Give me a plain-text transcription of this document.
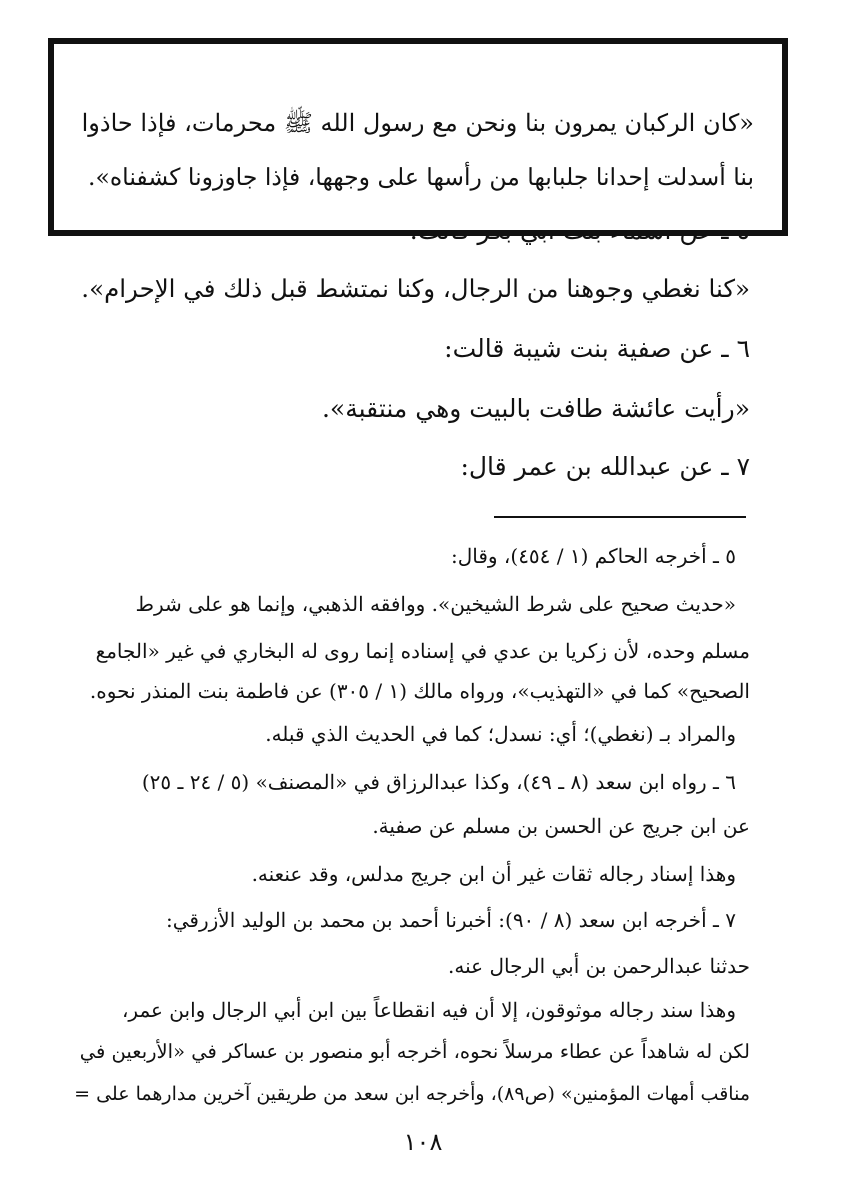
«كان الركبان يمرون بنا ونحن مع رسول الله ﷺ محرمات، فإذا حاذوا
بنا أسدلت إحدانا جلبابها من رأسها على وجهها، فإذا جاوزونا كشفناه».
«كنا نغطي وجوهنا من الرجال، وكنا نمتشط قبل ذلك في الإحرام».
٦ ـ عن صفية بنت شيبة قالت:
«رأيت عائشة طافت بالبيت وهي منتقبة».
٧ ـ عن عبدالله بن عمر قال:
٥ ـ أخرجه الحاكم (١ / ٤٥٤)، وقال:
«حديث صحيح على شرط الشيخين». ووافقه الذهبي، وإنما هو على شرط
مسلم وحده، لأن زكريا بن عدي في إسناده إنما روى له البخاري في غير «الجامع
الصحيح» كما في «التهذيب»، ورواه مالك (١ / ٣٠٥) عن فاطمة بنت المنذر نحوه.
والمراد بـ (نغطي)؛ أي: نسدل؛ كما في الحديث الذي قبله.
٦ ـ رواه ابن سعد (٨ ـ ٤٩)، وكذا عبدالرزاق في «المصنف» (٥ / ٢٤ ـ ٢٥)
عن ابن جريج عن الحسن بن مسلم عن صفية.
وهذا إسناد رجاله ثقات غير أن ابن جريج مدلس، وقد عنعنه.
٧ ـ أخرجه ابن سعد (٨ / ٩٠): أخبرنا أحمد بن محمد بن الوليد الأزرقي:
حدثنا عبدالرحمن بن أبي الرجال عنه.
وهذا سند رجاله موثوقون، إلا أن فيه انقطاعاً بين ابن أبي الرجال وابن عمر،
لكن له شاهداً عن عطاء مرسلاً نحوه، أخرجه أبو منصور بن عساكر في «الأربعين في
مناقب أمهات المؤمنين» (ص٨٩)، وأخرجه ابن سعد من طريقين آخرين مدارهما على =
١٠٨
